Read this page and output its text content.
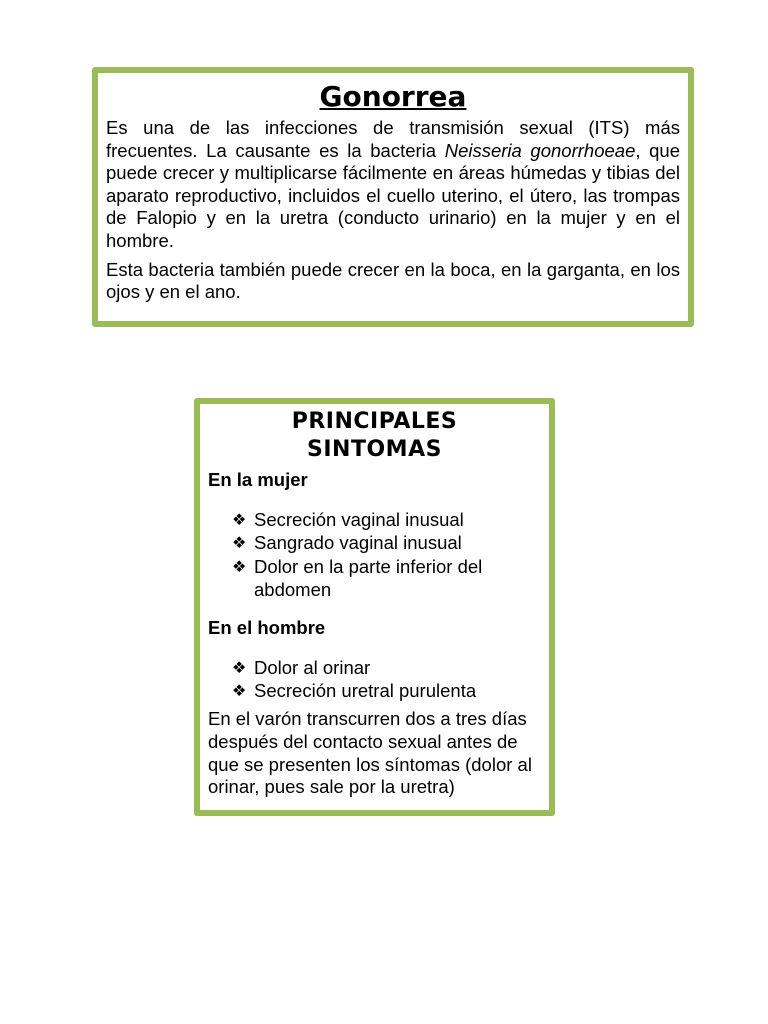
Gonorrea

Es una de las infecciones de transmisión sexual (ITS) más frecuentes. La causante es la bacteria Neisseria gonorrhoeae, que puede crecer y multiplicarse fácilmente en áreas húmedas y tibias del aparato reproductivo, incluidos el cuello uterino, el útero, las trompas de Falopio y en la uretra (conducto urinario) en la mujer y en el hombre.

Esta bacteria también puede crecer en la boca, en la garganta, en los ojos y en el ano.

PRINCIPALES
SINTOMAS
En la mujer
❖ Secreción vaginal inusual
❖ Sangrado vaginal inusual
❖ Dolor en la parte inferior del abdomen
En el hombre
❖ Dolor al orinar
❖ Secreción uretral purulenta

En el varón transcurren dos a tres días después del contacto sexual antes de que se presenten los síntomas (dolor al orinar, pues sale por la uretra)
